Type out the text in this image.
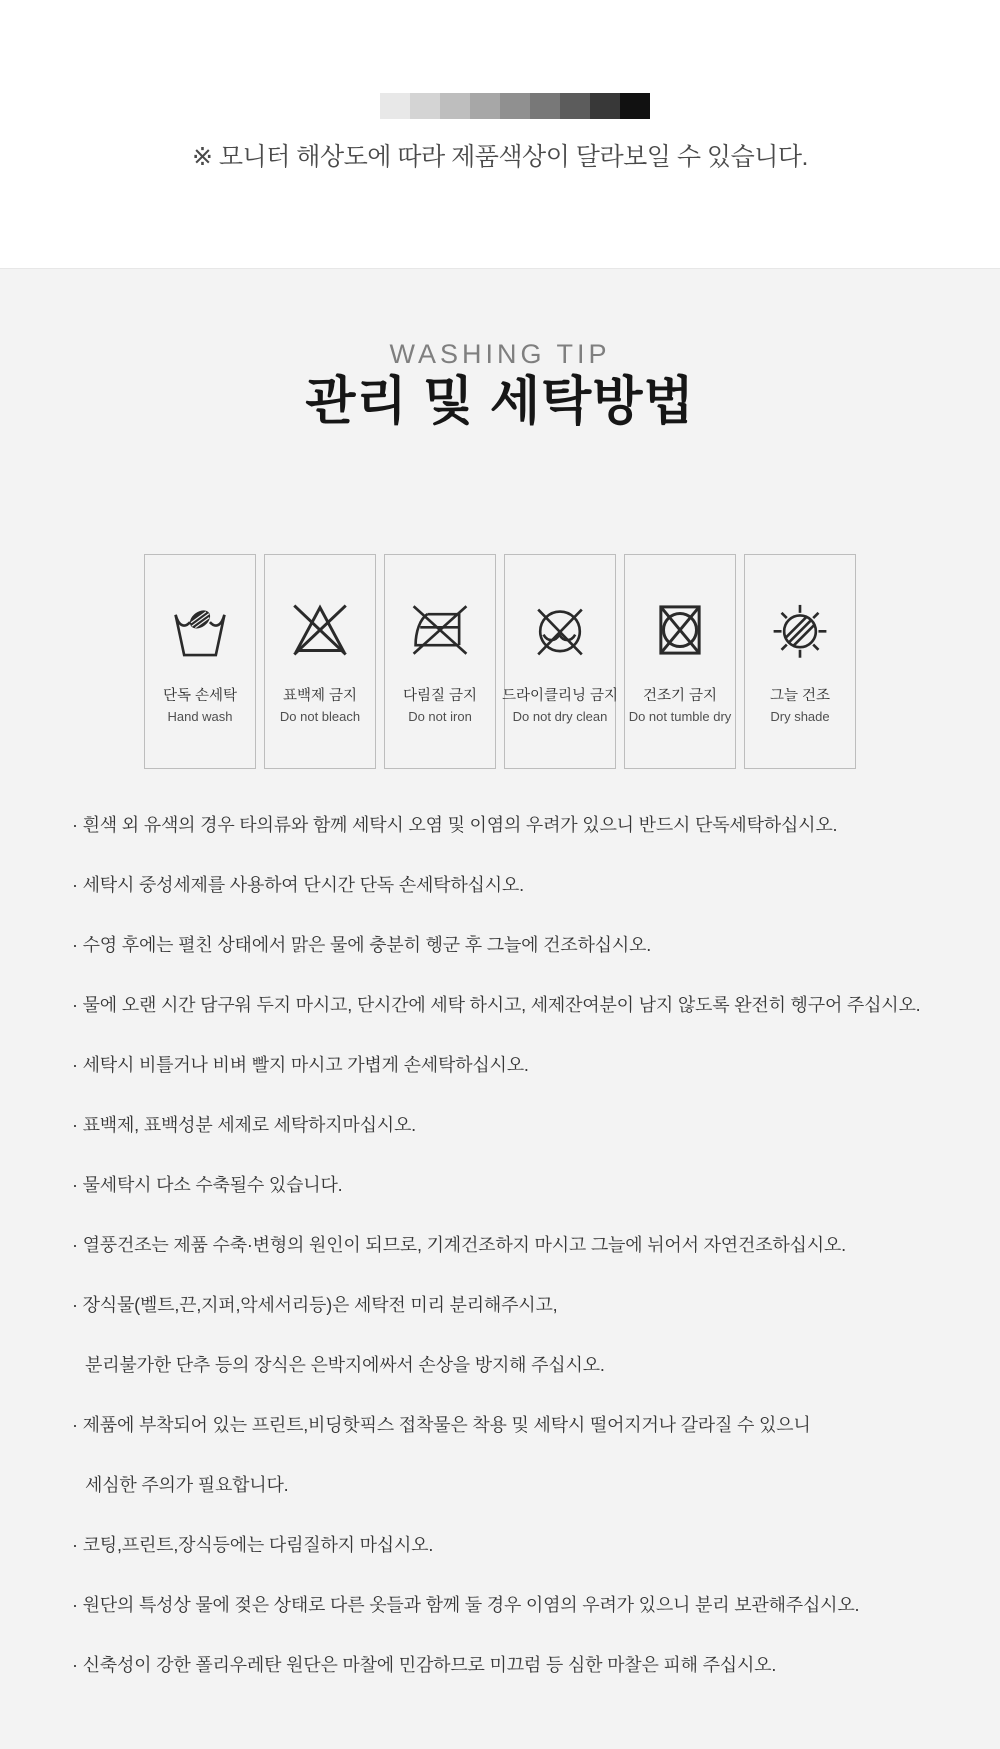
※ 모니터 해상도에 따라 제품색상이 달라보일 수 있습니다.
WASHING TIP
관리 및 세탁방법
단독 손세탁
Hand wash
표백제 금지
Do not bleach
다림질 금지
Do not iron
드라이클리닝 금지
Do not dry clean
건조기 금지
Do not tumble dry
그늘 건조
Dry shade

· 흰색 외 유색의 경우 타의류와 함께 세탁시 오염 및 이염의 우려가 있으니 반드시 단독세탁하십시오.

· 세탁시 중성세제를 사용하여 단시간 단독 손세탁하십시오.

· 수영 후에는 펼친 상태에서 맑은 물에 충분히 헹군 후 그늘에 건조하십시오.

· 물에 오랜 시간 담구워 두지 마시고, 단시간에 세탁 하시고, 세제잔여분이 남지 않도록 완전히 헹구어 주십시오.

· 세탁시 비틀거나 비벼 빨지 마시고 가볍게 손세탁하십시오.

· 표백제, 표백성분 세제로 세탁하지마십시오.

· 물세탁시 다소 수축될수 있습니다.

· 열풍건조는 제품 수축·변형의 원인이 되므로, 기계건조하지 마시고 그늘에 뉘어서 자연건조하십시오.

· 장식물(벨트,끈,지퍼,악세서리등)은 세탁전 미리 분리해주시고,

분리불가한 단추 등의 장식은 은박지에싸서 손상을 방지해 주십시오.

· 제품에 부착되어 있는 프린트,비딩핫픽스 접착물은 착용 및 세탁시 떨어지거나 갈라질 수 있으니

세심한 주의가 필요합니다.

· 코팅,프린트,장식등에는 다림질하지 마십시오.

· 원단의 특성상 물에 젖은 상태로 다른 옷들과 함께 둘 경우 이염의 우려가 있으니 분리 보관해주십시오.

· 신축성이 강한 폴리우레탄 원단은 마찰에 민감하므로 미끄럼 등 심한 마찰은 피해 주십시오.
